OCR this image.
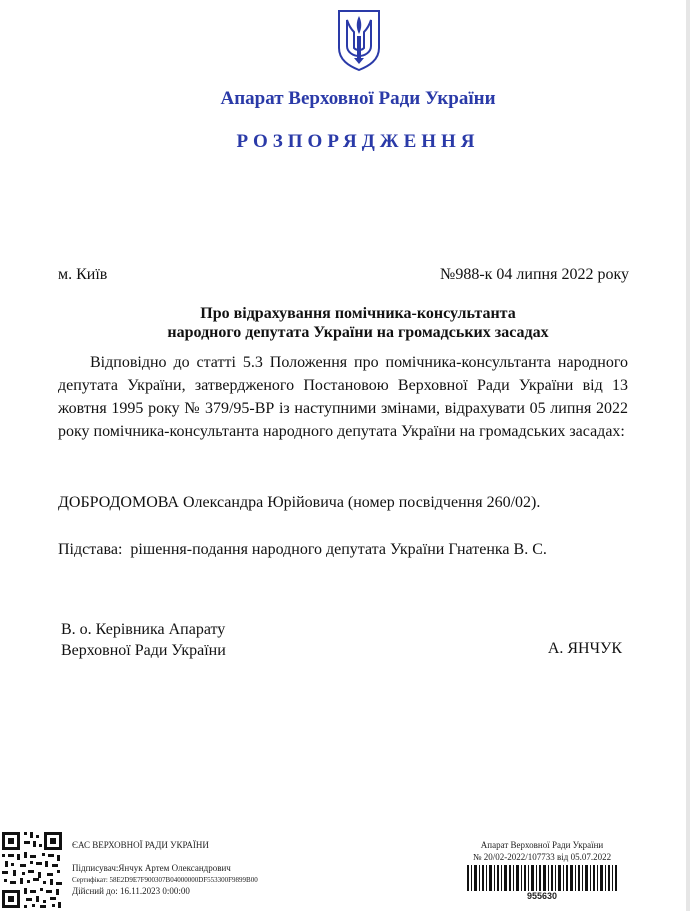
Апарат Верховної Ради України
РОЗПОРЯДЖЕННЯ
м. Київ	№988-к 04 липня 2022 року
Про відрахування помічника-консультанта
народного депутата України на громадських засадах

Відповідно до статті 5.3 Положення про помічника-консультанта народного депутата України, затвердженого Постановою Верховної Ради України від 13 жовтня 1995 року № 379/95-ВР із наступними змінами, відрахувати 05 липня 2022 року помічника-консультанта народного депутата України на громадських засадах:

ДОБРОДОМОВА Олександра Юрійовича (номер посвідчення 260/02).
Підстава: рішення-подання народного депутата України Гнатенка В. С.
В. о. Керівника Апарату
Верховної Ради України	А. ЯНЧУК
ЄАС ВЕРХОВНОЇ РАДИ УКРАЇНИ
Підписувач:Янчук Артем Олександрович
Сертифікат: 58E2D9E7F900307B04000000DF553300F9899B00
Дійсний до: 16.11.2023 0:00:00
Апарат Верховної Ради України
№ 20/02-2022/107733 від 05.07.2022
955630
